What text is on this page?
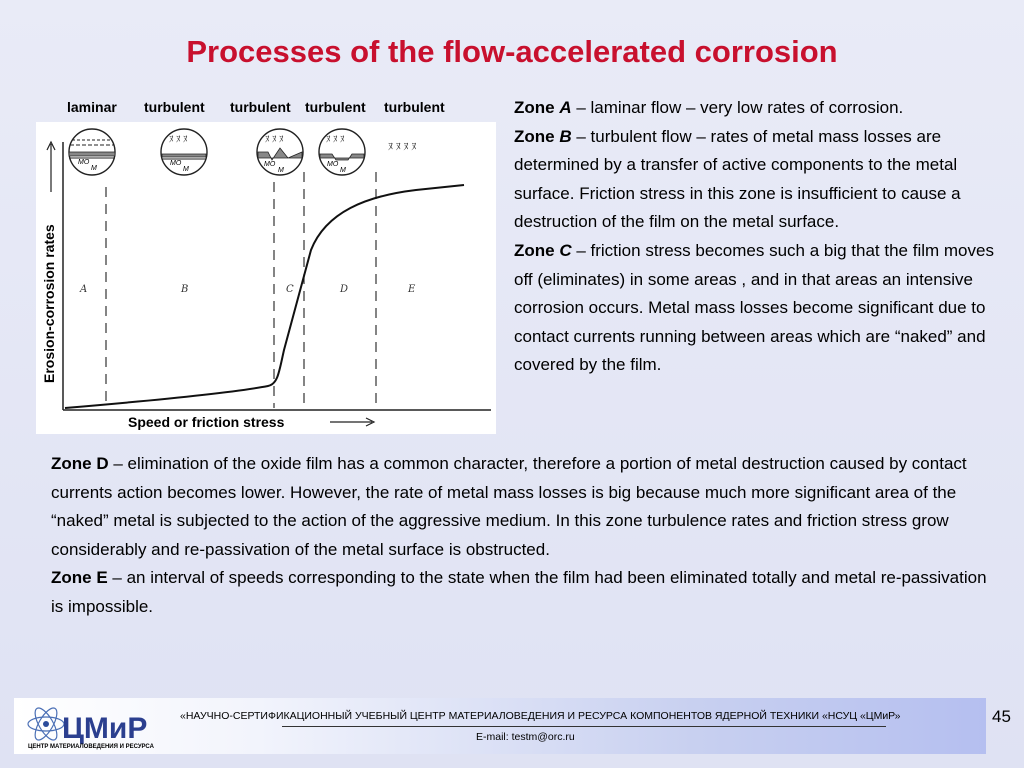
Processes of the flow-accelerated corrosion
laminar turbulent turbulent turbulent turbulent
A	B	C	D	E
MO
M
ﾇ ﾇ ﾇ
MO
M
ﾇ ﾇ ﾇ
MO
M
ﾇ ﾇ ﾇ
MO
M
ﾇ ﾇ ﾇ ﾇ
Erosion-corrosion rates
Speed or friction stress

Zone A – laminar flow – very low rates of corrosion.

Zone B – turbulent flow – rates of metal mass losses are determined by a transfer of active components to the metal surface. Friction stress in this zone is insufficient to cause a destruction of the film on the metal surface.

Zone C – friction stress becomes such a big that the film moves off (eliminates) in some areas , and in that areas an intensive corrosion occurs. Metal mass losses become significant due to contact currents running between areas which are “naked” and covered by the film.

Zone D – elimination of the oxide film has a common character, therefore a portion of metal destruction caused by contact currents action becomes lower. However, the rate of metal mass losses is big because much more significant area of the “naked” metal is subjected to the action of the aggressive medium. In this zone turbulence rates and friction stress grow considerably and re-passivation of the metal surface is obstructed.

Zone E – an interval of speeds corresponding to the state when the film had been eliminated totally and metal re-passivation is impossible.

ЦМиР
ЦЕНТР МАТЕРИАЛОВЕДЕНИЯ И РЕСУРСА
«НАУЧНО-СЕРТИФИКАЦИОННЫЙ УЧЕБНЫЙ ЦЕНТР МАТЕРИАЛОВЕДЕНИЯ И РЕСУРСА КОМПОНЕНТОВ ЯДЕРНОЙ ТЕХНИКИ «НСУЦ «ЦМиР»
E-mail: testm@orc.ru
45
